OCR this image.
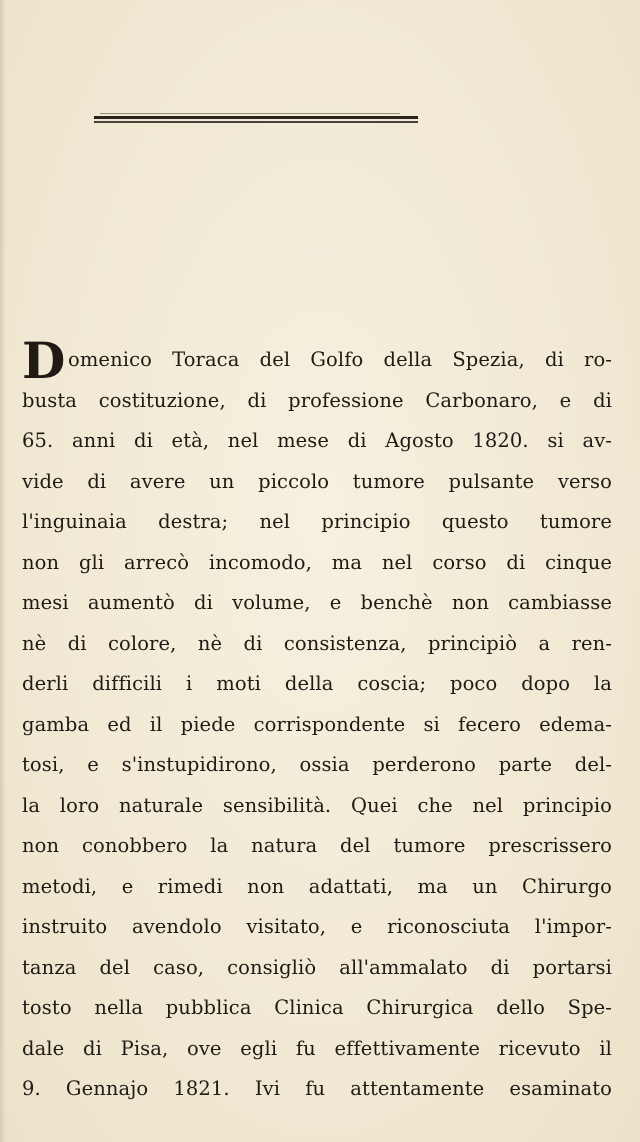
D omenico Toraca del Golfo della Spezia, di ro-
busta costituzione, di professione Carbonaro, e di
65. anni di età, nel mese di Agosto 1820. si av-
vide di avere un piccolo tumore pulsante verso
l'inguinaia destra; nel principio questo tumore
non gli arrecò incomodo, ma nel corso di cinque
mesi aumentò di volume, e benchè non cambiasse
nè di colore, nè di consistenza, principiò a ren-
derli difficili i moti della coscia; poco dopo la
gamba ed il piede corrispondente si fecero edema-
tosi, e s'instupidirono, ossia perderono parte del-
la loro naturale sensibilità. Quei che nel principio
non conobbero la natura del tumore prescrissero
metodi, e rimedi non adattati, ma un Chirurgo
instruito avendolo visitato, e riconosciuta l'impor-
tanza del caso, consigliò all'ammalato di portarsi
tosto nella pubblica Clinica Chirurgica dello Spe-
dale di Pisa, ove egli fu effettivamente ricevuto il
9. Gennajo 1821. Ivi fu attentamente esaminato
